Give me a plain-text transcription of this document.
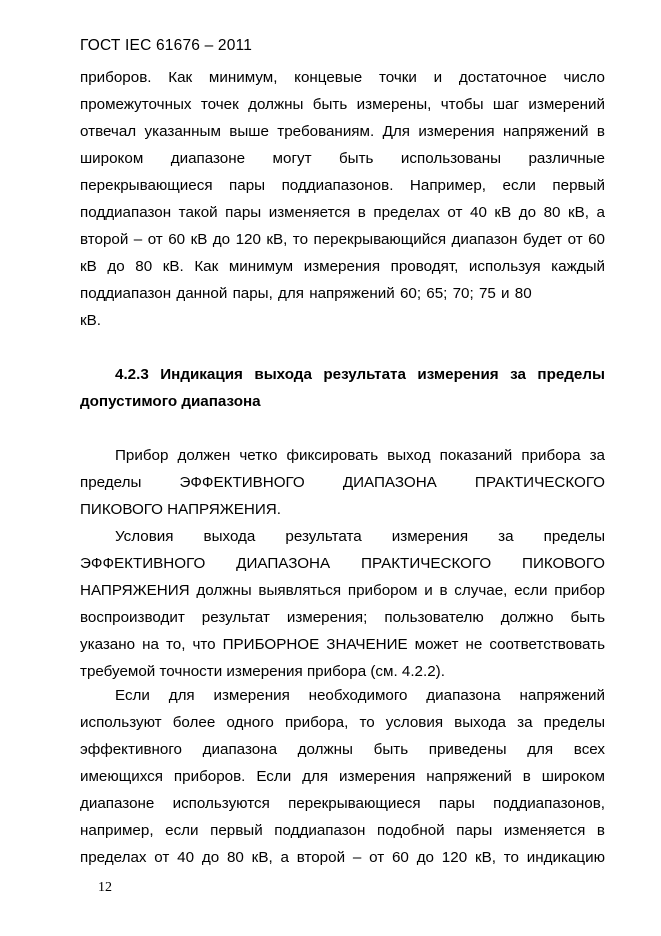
ГОСТ IEC 61676 – 2011
приборов. Как минимум, концевые точки и достаточное число
промежуточных точек должны быть измерены, чтобы шаг измерений
отвечал указанным выше требованиям. Для измерения напряжений в
широком диапазоне могут быть использованы различные
перекрывающиеся пары поддиапазонов. Например, если первый
поддиапазон такой пары изменяется в пределах от 40 кВ до 80 кВ, а
второй – от 60 кВ до 120 кВ, то перекрывающийся диапазон будет от 60
кВ до 80 кВ. Как минимум измерения проводят, используя каждый
поддиапазон данной пары, для напряжений 60; 65; 70; 75 и 80
кВ.
4.2.3 Индикация выхода результата измерения за пределы
допустимого диапазона
Прибор должен четко фиксировать выход показаний прибора за
пределы ЭФФЕКТИВНОГО ДИАПАЗОНА ПРАКТИЧЕСКОГО
ПИКОВОГО НАПРЯЖЕНИЯ.
Условия выхода результата измерения за пределы
ЭФФЕКТИВНОГО ДИАПАЗОНА ПРАКТИЧЕСКОГО ПИКОВОГО
НАПРЯЖЕНИЯ должны выявляться прибором и в случае, если прибор
воспроизводит результат измерения; пользователю должно быть
указано на то, что ПРИБОРНОЕ ЗНАЧЕНИЕ может не соответствовать
требуемой точности измерения прибора (см. 4.2.2).
Если для измерения необходимого диапазона напряжений
используют более одного прибора, то условия выхода за пределы
эффективного диапазона должны быть приведены для всех
имеющихся приборов. Если для измерения напряжений в широком
диапазоне используются перекрывающиеся пары поддиапазонов,
например, если первый поддиапазон подобной пары изменяется в
пределах от 40 до 80 кВ, а второй – от 60 до 120 кВ, то индикацию
12
